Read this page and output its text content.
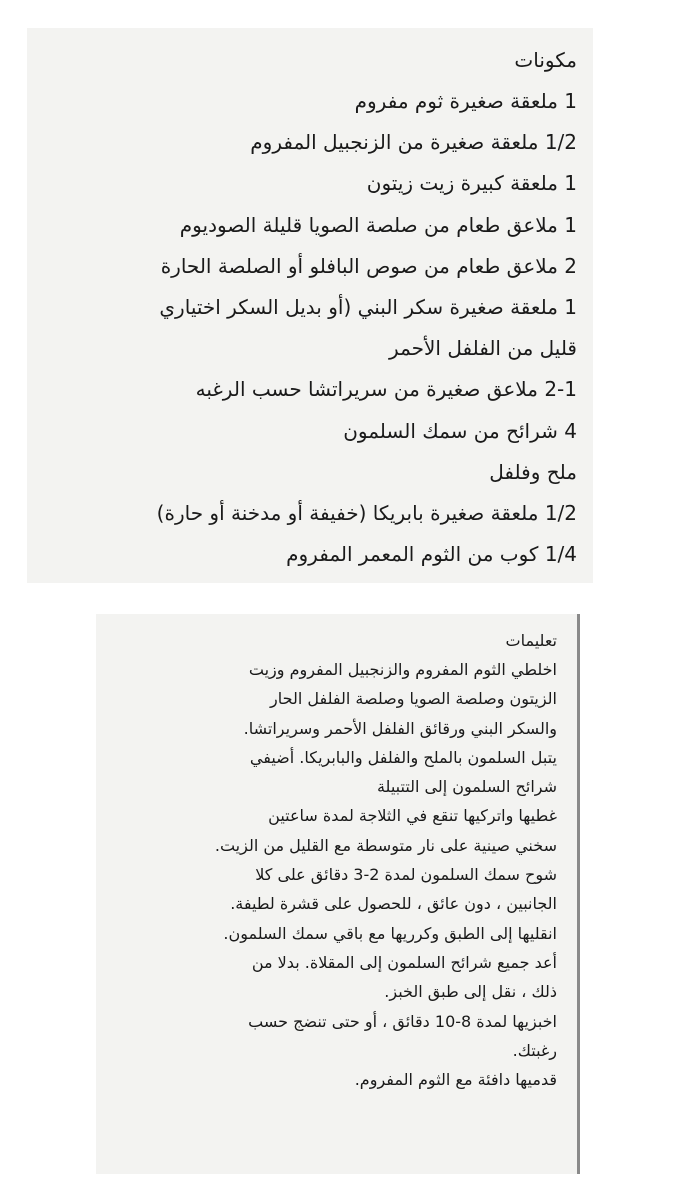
مكونات
1 ملعقة صغيرة ثوم مفروم
1/2 ملعقة صغيرة من الزنجبيل المفروم
1 ملعقة كبيرة زيت زيتون
1 ملاعق طعام من صلصة الصويا قليلة الصوديوم
2 ملاعق طعام من صوص البافلو أو الصلصة الحارة
1 ملعقة صغيرة سكر البني (أو بديل السكر اختياري
قليل من الفلفل الأحمر
2-1 ملاعق صغيرة من سريراتشا حسب الرغبه
4 شرائح من سمك السلمون
ملح وفلفل
1/2 ملعقة صغيرة بابريكا (خفيفة أو مدخنة أو حارة)
1/4 كوب من الثوم المعمر المفروم
تعليمات
اخلطي الثوم المفروم والزنجبيل المفروم وزيت
الزيتون وصلصة الصويا وصلصة الفلفل الحار
والسكر البني ورقائق الفلفل الأحمر وسريراتشا.
يتبل السلمون بالملح والفلفل والبابريكا. أضيفي
شرائح السلمون إلى التتبيلة
غطيها واتركيها تنقع في الثلاجة لمدة ساعتين
سخني صينية على نار متوسطة مع القليل من الزيت.
شوح سمك السلمون لمدة 2-3 دقائق على كلا
الجانبين ، دون عائق ، للحصول على قشرة لطيفة.
انقليها إلى الطبق وكرريها مع باقي سمك السلمون.
أعد جميع شرائح السلمون إلى المقلاة. بدلا من
ذلك ، نقل إلى طبق الخبز.
اخبزيها لمدة 8-10 دقائق ، أو حتى تنضج حسب
رغبتك.
قدميها دافئة مع الثوم المفروم.
